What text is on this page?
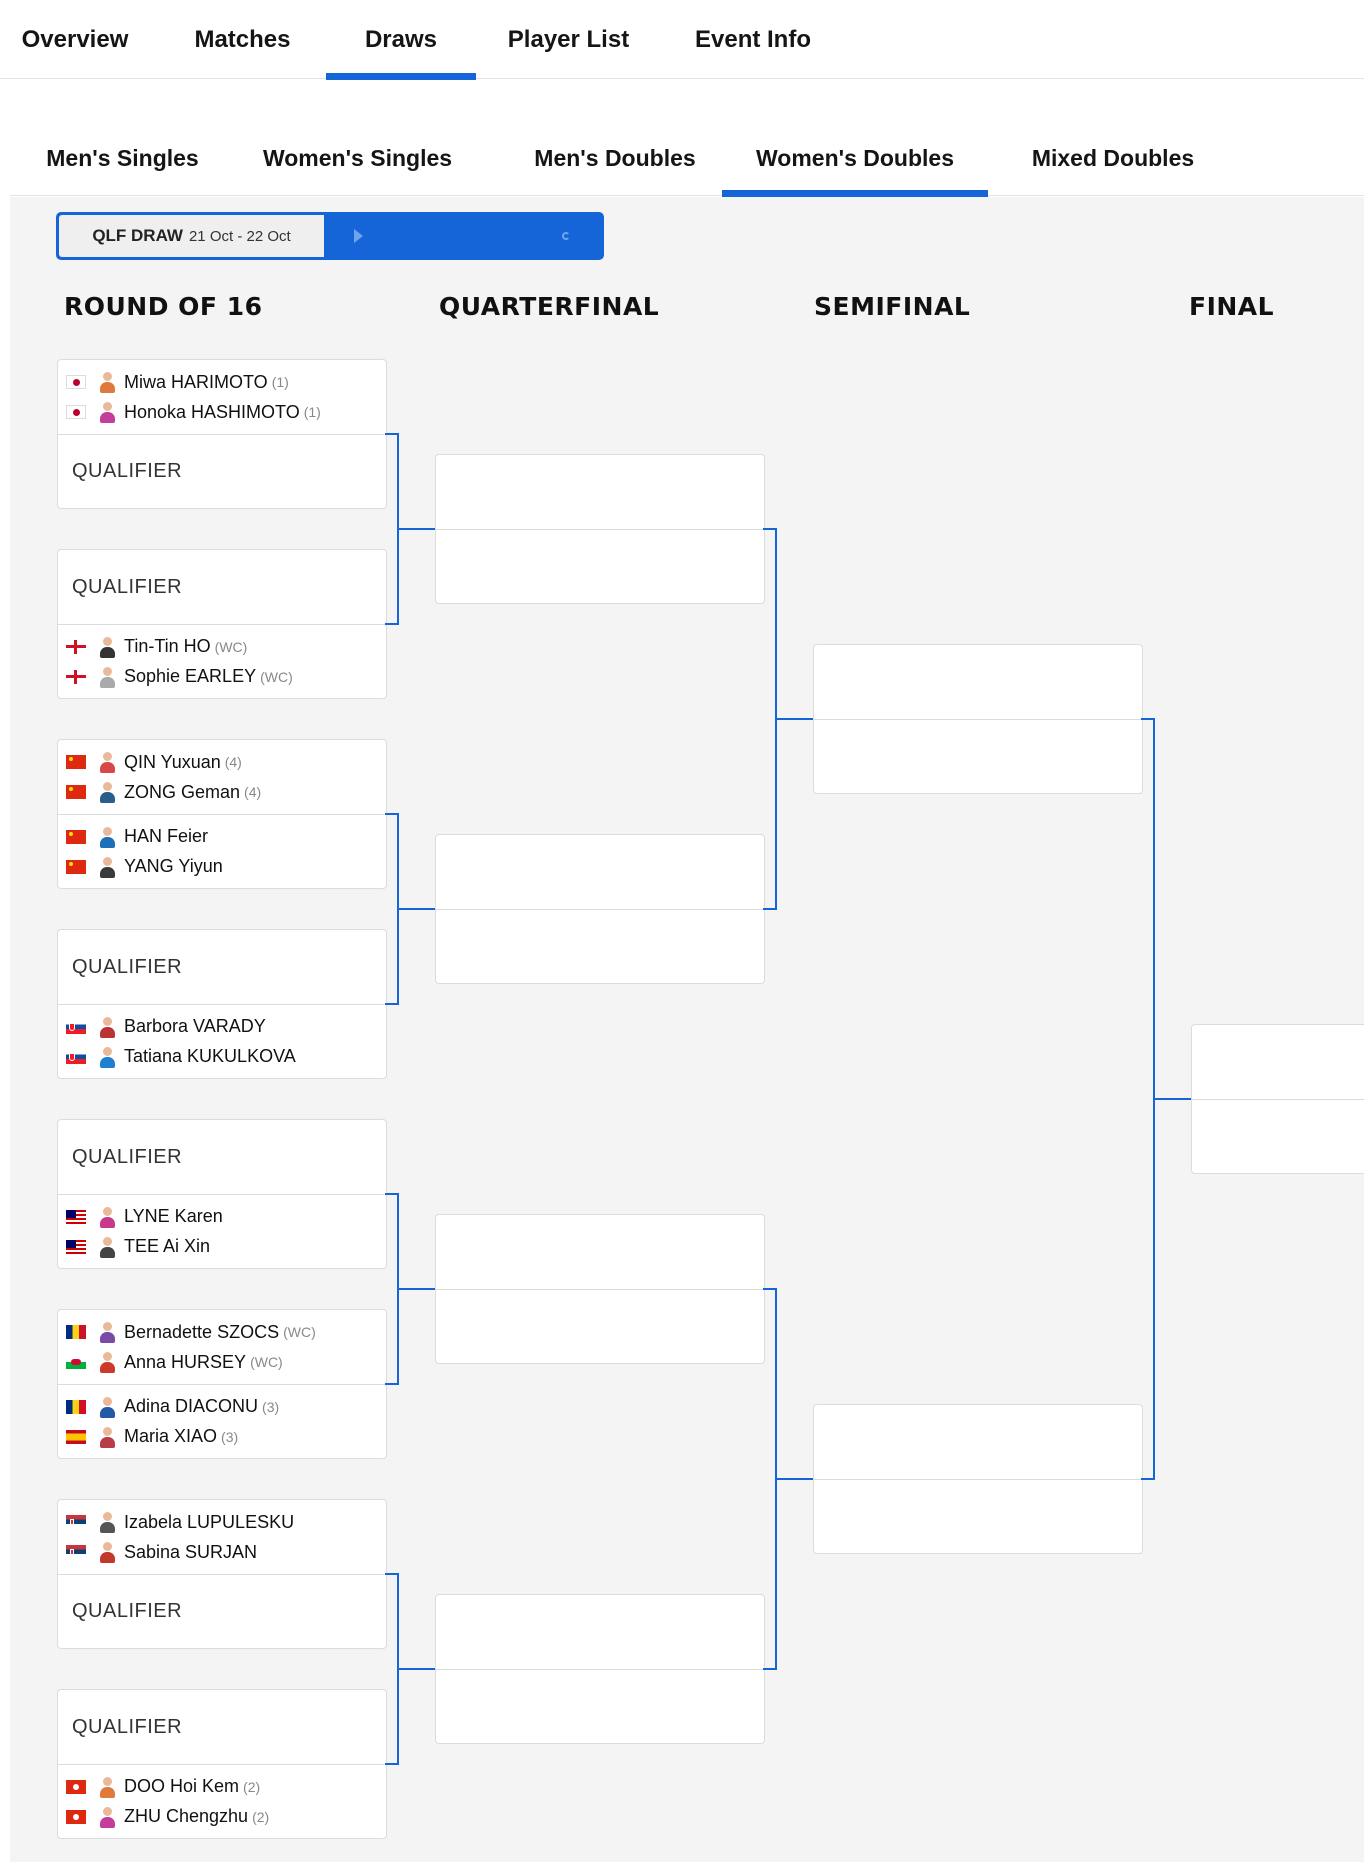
Overview	Matches	Draws	Player List	Event Info
Men's Singles	Women's Singles	Men's Doubles	Women's Doubles	Mixed Doubles
QLF DRAW 21 Oct - 22 Oct
ROUND OF 16	QUARTERFINAL	SEMIFINAL	FINAL
Miwa HARIMOTO (1)
Honoka HASHIMOTO (1)
QUALIFIER
QUALIFIER
Tin-Tin HO (WC)
Sophie EARLEY (WC)
QIN Yuxuan (4)
ZONG Geman (4)
HAN Feier
YANG Yiyun
QUALIFIER
Barbora VARADY
Tatiana KUKULKOVA
QUALIFIER
LYNE Karen
TEE Ai Xin
Bernadette SZOCS (WC)
Anna HURSEY (WC)
Adina DIACONU (3)
Maria XIAO (3)
Izabela LUPULESKU
Sabina SURJAN
QUALIFIER
QUALIFIER
DOO Hoi Kem (2)
ZHU Chengzhu (2)
